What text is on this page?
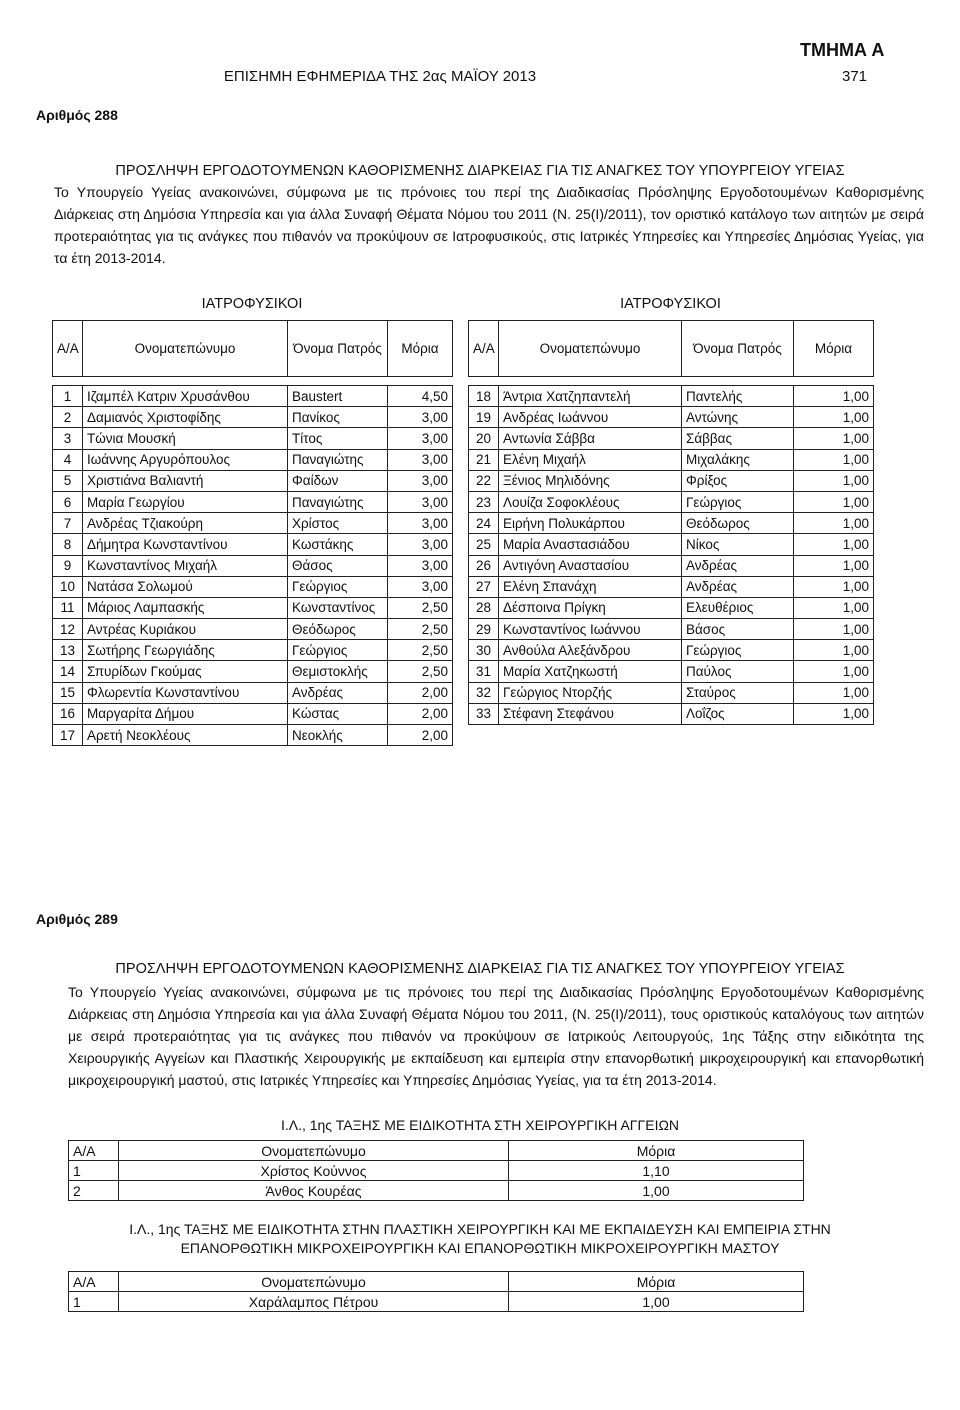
ΤΜΗΜΑ Α
ΕΠΙΣΗΜΗ ΕΦΗΜΕΡΙΔΑ ΤΗΣ 2ας ΜΑΪΟΥ 2013	371
Αριθμός 288
ΠΡΟΣΛΗΨΗ ΕΡΓΟΔΟΤΟΥΜΕΝΩΝ ΚΑΘΟΡΙΣΜΕΝΗΣ ΔΙΑΡΚΕΙΑΣ ΓΙΑ ΤΙΣ ΑΝΑΓΚΕΣ ΤΟΥ ΥΠΟΥΡΓΕΙΟΥ ΥΓΕΙΑΣ
Το Υπουργείο Υγείας ανακοινώνει, σύμφωνα με τις πρόνοιες του περί της Διαδικασίας Πρόσληψης Εργοδοτουμένων Καθορισμένης Διάρκειας στη Δημόσια Υπηρεσία και για άλλα Συναφή Θέματα Νόμου του 2011 (Ν. 25(Ι)/2011), τον οριστικό κατάλογο των αιτητών με σειρά προτεραιότητας για τις ανάγκες που πιθανόν να προκύψουν σε Ιατροφυσικούς, στις Ιατρικές Υπηρεσίες και Υπηρεσίες Δημόσιας Υγείας, για τα έτη 2013-2014.
ΙΑΤΡΟΦΥΣΙΚΟΙ	ΙΑΤΡΟΦΥΣΙΚΟΙ
Α/Α	Ονοματεπώνυμο	Όνομα Πατρός	Μόρια

1	Ιζαμπέλ Κατριν Χρυσάνθου	Baustert	4,50
2	Δαμιανός Χριστοφίδης	Πανίκος	3,00
3	Τώνια Μουσκή	Τίτος	3,00
4	Ιωάννης Αργυρόπουλος	Παναγιώτης	3,00
5	Χριστιάνα Βαλιαντή	Φαίδων	3,00
6	Μαρία Γεωργίου	Παναγιώτης	3,00
7	Ανδρέας Τζιακούρη	Χρίστος	3,00
8	Δήμητρα Κωνσταντίνου	Κωστάκης	3,00
9	Κωνσταντίνος Μιχαήλ	Θάσος	3,00
10	Νατάσα Σολωμού	Γεώργιος	3,00
11	Μάριος Λαμπασκής	Κωνσταντίνος	2,50
12	Αντρέας Κυριάκου	Θεόδωρος	2,50
13	Σωτήρης Γεωργιάδης	Γεώργιος	2,50
14	Σπυρίδων Γκούμας	Θεμιστοκλής	2,50
15	Φλωρεντία Κωνσταντίνου	Ανδρέας	2,00
16	Μαργαρίτα Δήμου	Κώστας	2,00
17	Αρετή Νεοκλέους	Νεοκλής	2,00
Α/Α	Ονοματεπώνυμο	Όνομα Πατρός	Μόρια

18	Άντρια Χατζηπαντελή	Παντελής	1,00
19	Ανδρέας Ιωάννου	Αντώνης	1,00
20	Αντωνία Σάββα	Σάββας	1,00
21	Ελένη Μιχαήλ	Μιχαλάκης	1,00
22	Ξένιος Μηλιδόνης	Φρίξος	1,00
23	Λουίζα Σοφοκλέους	Γεώργιος	1,00
24	Ειρήνη Πολυκάρπου	Θεόδωρος	1,00
25	Μαρία Αναστασιάδου	Νίκος	1,00
26	Αντιγόνη Αναστασίου	Ανδρέας	1,00
27	Ελένη Σπανάχη	Ανδρέας	1,00
28	Δέσποινα Πρίγκη	Ελευθέριος	1,00
29	Κωνσταντίνος Ιωάννου	Βάσος	1,00
30	Ανθούλα Αλεξάνδρου	Γεώργιος	1,00
31	Μαρία Χατζηκωστή	Παύλος	1,00
32	Γεώργιος Ντορζής	Σταύρος	1,00
33	Στέφανη Στεφάνου	Λοΐζος	1,00
Αριθμός 289
ΠΡΟΣΛΗΨΗ ΕΡΓΟΔΟΤΟΥΜΕΝΩΝ ΚΑΘΟΡΙΣΜΕΝΗΣ ΔΙΑΡΚΕΙΑΣ ΓΙΑ ΤΙΣ ΑΝΑΓΚΕΣ ΤΟΥ ΥΠΟΥΡΓΕΙΟΥ ΥΓΕΙΑΣ
Το Υπουργείο Υγείας ανακοινώνει, σύμφωνα με τις πρόνοιες του περί της Διαδικασίας Πρόσληψης Εργοδοτουμένων Καθορισμένης Διάρκειας στη Δημόσια Υπηρεσία και για άλλα Συναφή Θέματα Νόμου του 2011, (Ν. 25(Ι)/2011), τους οριστικούς καταλόγους των αιτητών με σειρά προτεραιότητας για τις ανάγκες που πιθανόν να προκύψουν σε Ιατρικούς Λειτουργούς, 1ης Τάξης στην ειδικότητα της Χειρουργικής Αγγείων και Πλαστικής Χειρουργικής με εκπαίδευση και εμπειρία στην επανορθωτική μικροχειρουργική και επανορθωτική μικροχειρουργική μαστού, στις Ιατρικές Υπηρεσίες και Υπηρεσίες Δημόσιας Υγείας, για τα έτη 2013-2014.
Ι.Λ., 1ης ΤΑΞΗΣ ΜΕ ΕΙΔΙΚΟΤΗΤΑ ΣΤΗ ΧΕΙΡΟΥΡΓΙΚΗ ΑΓΓΕΙΩΝ
Α/Α	Ονοματεπώνυμο	Μόρια
1	Χρίστος Κούννος	1,10
2	Άνθος Κουρέας	1,00
Ι.Λ., 1ης ΤΑΞΗΣ ΜΕ ΕΙΔΙΚΟΤΗΤΑ ΣΤΗΝ ΠΛΑΣΤΙΚΗ ΧΕΙΡΟΥΡΓΙΚΗ ΚΑΙ ΜΕ ΕΚΠΑΙΔΕΥΣΗ ΚΑΙ ΕΜΠΕΙΡΙΑ ΣΤΗΝ
ΕΠΑΝΟΡΘΩΤΙΚΗ ΜΙΚΡΟΧΕΙΡΟΥΡΓΙΚΗ ΚΑΙ ΕΠΑΝΟΡΘΩΤΙΚΗ ΜΙΚΡΟΧΕΙΡΟΥΡΓΙΚΗ ΜΑΣΤΟΥ
Α/Α	Ονοματεπώνυμο	Μόρια
1	Χαράλαμπος Πέτρου	1,00
